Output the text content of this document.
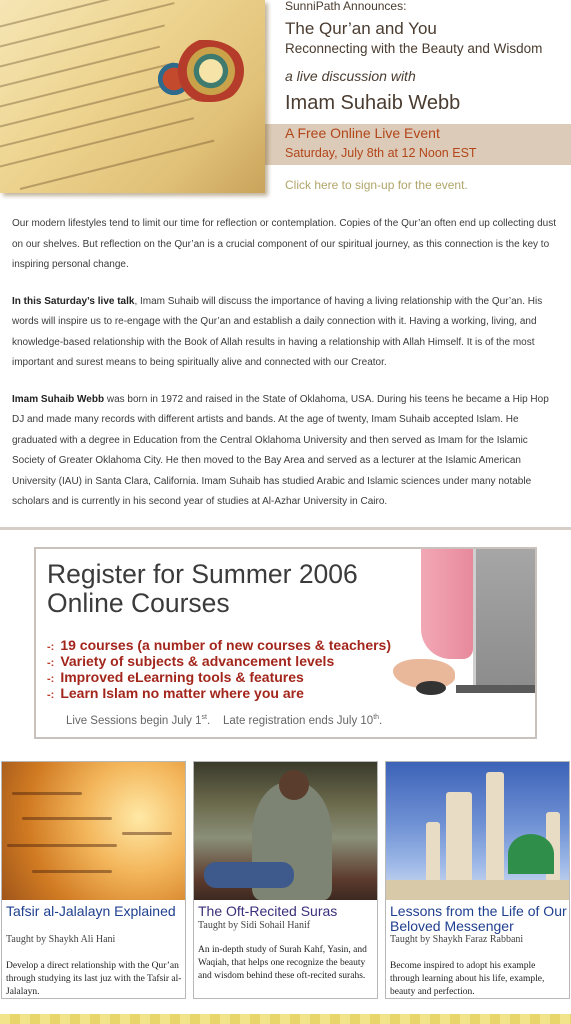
SunniPath Announces:
The Qur’an and You
Reconnecting with the Beauty and Wisdom
a live discussion with
Imam Suhaib Webb
A Free Online Live Event
Saturday, July 8th at 12 Noon EST
Click here to sign-up for the event.

Our modern lifestyles tend to limit our time for reflection or contemplation. Copies of the Qur’an often end up collecting dust on our shelves. But reflection on the Qur’an is a crucial component of our spiritual journey, as this connection is the key to inspiring personal change.

In this Saturday’s live talk, Imam Suhaib will discuss the importance of having a living relationship with the Qur’an. His words will inspire us to re-engage with the Qur’an and establish a daily connection with it. Having a working, living, and knowledge-based relationship with the Book of Allah results in having a relationship with Allah Himself. It is of the most important and surest means to being spiritually alive and connected with our Creator.

Imam Suhaib Webb was born in 1972 and raised in the State of Oklahoma, USA. During his teens he became a Hip Hop DJ and made many records with different artists and bands. At the age of twenty, Imam Suhaib accepted Islam. He graduated with a degree in Education from the Central Oklahoma University and then served as Imam for the Islamic Society of Greater Oklahoma City. He then moved to the Bay Area and served as a lecturer at the Islamic American University (IAU) in Santa Clara, California. Imam Suhaib has studied Arabic and Islamic sciences under many notable scholars and is currently in his second year of studies at Al-Azhar University in Cairo.

Register for Summer 2006
Online Courses
-: 19 courses (a number of new courses & teachers)
-: Variety of subjects & advancement levels
-: Improved eLearning tools & features
-: Learn Islam no matter where you are
Live Sessions begin July 1st. Late registration ends July 10th.
Tafsir al-Jalalayn Explained
Taught by Shaykh Ali Hani
Develop a direct relationship with the Qur’an through studying its last juz with the Tafsir al-Jalalayn.
The Oft-Recited Suras
Taught by Sidi Sohail Hanif
An in-depth study of Surah Kahf, Yasin, and Waqiah, that helps one recognize the beauty and wisdom behind these oft-recited surahs.
Lessons from the Life of Our Beloved Messenger
Taught by Shaykh Faraz Rabbani
Become inspired to adopt his example through learning about his life, example, beauty and perfection.
